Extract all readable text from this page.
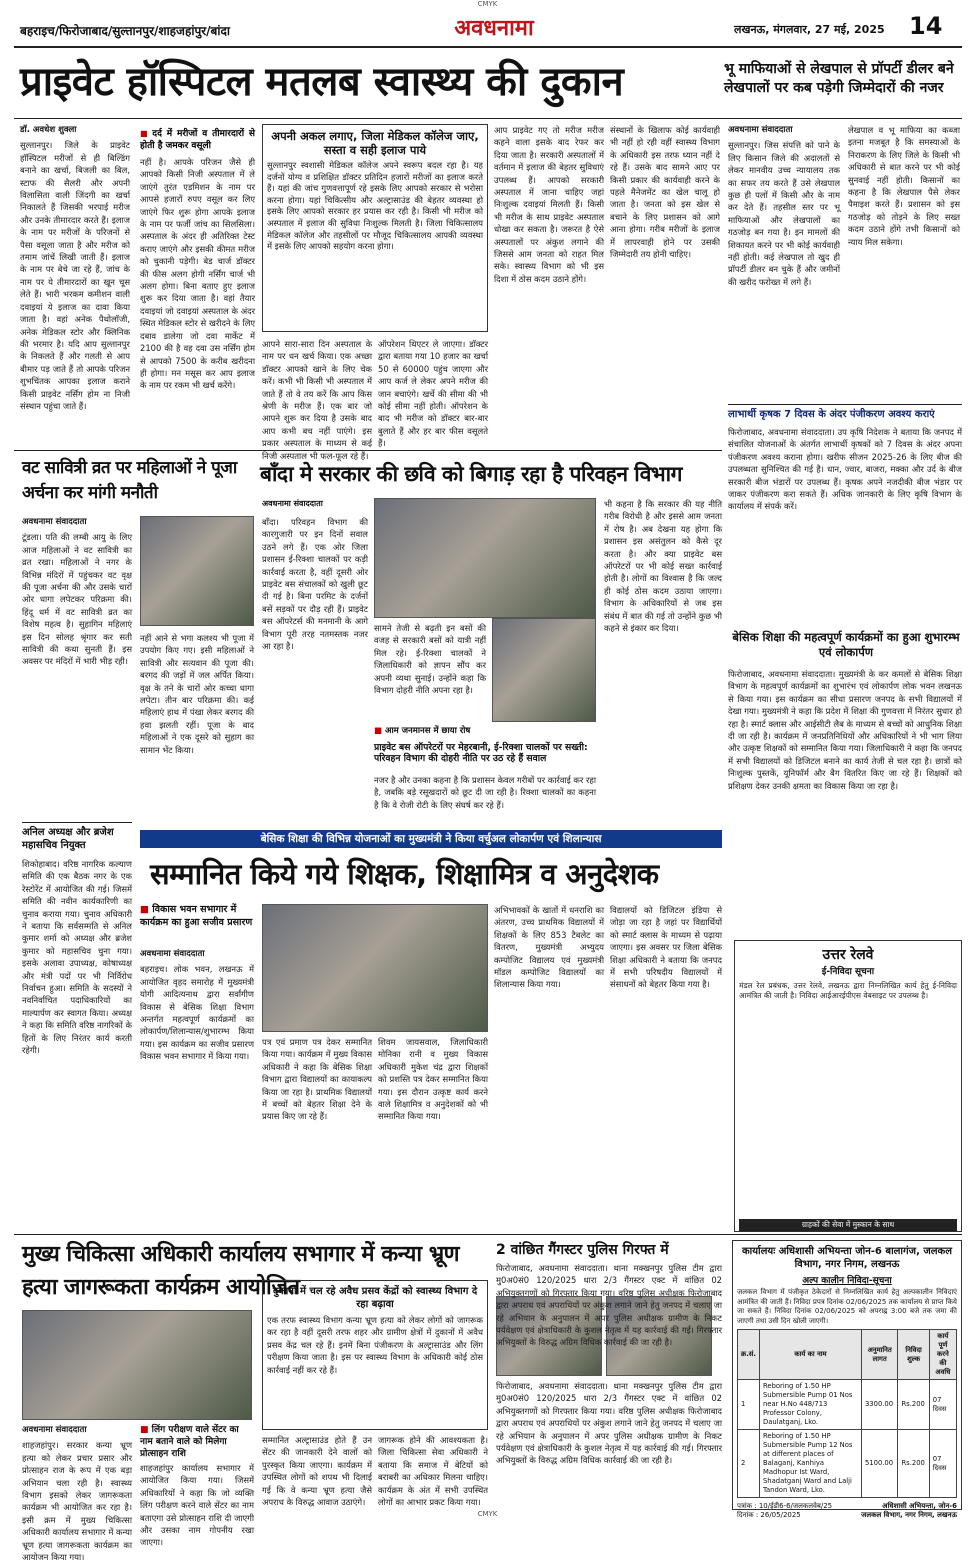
CMYK
बहराइच/फिरोजाबाद/सुल्तानपुर/शाहजहांपुर/बांदा	अवधनामा	लखनऊ, मंगलवार, 27 मई, 2025 14
प्राइवेट हॉस्पिटल मतलब स्वास्थ्य की दुकान	भू माफियाओं से लेखपाल से प्रॉपर्टी डीलर बने लेखपालों पर कब पड़ेगी जिम्मेदारों की नजर
डॉ. अवधेश शुक्ला
सुल्तानपुर। जिले के प्राइवेट हॉस्पिटल मरीजों से ही बिल्डिंग बनाने का खर्चा, बिजली का बिल, स्टाफ की सैलरी और अपनी विलासिता वाली जिंदगी का खर्चा निकालते हैं जिसकी भरपाई मरीज और उनके तीमारदार करते हैं। इलाज के नाम पर मरीजों के परिजनों से पैसा वसूला जाता है और मरीज को तमाम जांचें लिखी जाती हैं। इलाज के नाम पर बेचे जा रहे हैं, जांच के नाम पर ये तीमारदारों का खून चूस लेते हैं। भारी भरकम कमीशन वाली दवाइयां ये इलाज का दावा किया जाता है। वहां अनेक पैथोलॉजी, अनेक मेडिकल स्टोर और क्लिनिक की भरमार है। यदि आप सुल्तानपुर के निकलते हैं और गलती से आप बीमार पड़ जाते हैं तो आपके परिजन शुभचिंतक आपका इलाज कराने किसी प्राइवेट नर्सिंग होम ना निजी संस्थान पहुंचा जाते हैं।
■ दर्द में मरीजों व तीमारदारों से होती है जमकर वसूली
नहीं है। आपके परिजन जैसे ही आपको किसी निजी अस्पताल में ले जाएंगे तुरंत एडमिशन के नाम पर आपसे हजारों रुपए वसूल कर लिए जाएंगे फिर शुरू होगा आपके इलाज के नाम पर फर्जी जांच का सिलसिला। अस्पताल के अंदर ही अतिरिक्त टेस्ट कराए जाएंगे और इसकी कीमत मरीज को चुकानी पड़ेगी। बेड चार्ज डॉक्टर की फीस अलग होगी नर्सिंग चार्ज भी अलग होगा। बिना बताए हुए इलाज शुरू कर दिया जाता है। वहां तैयार दवाइयां जो दवाइयां अस्पताल के अंदर स्थित मेडिकल स्टोर से खरीदने के लिए दबाव डालेगा जो दवा मार्केट में 2100 की है वह दवा उस नर्सिंग होम से आपको 7500 के करीब खरीदना ही होगा। मन मसूस कर आप इलाज के नाम पर रकम भी खर्च करेंगे।
अपनी अकल लगाए, जिला मेडिकल कॉलेज जाए, सस्ता व सही इलाज पाये
सुल्तानपुर स्वशासी मेडिकल कॉलेज अपने स्वरूप बदल रहा है। यह दर्जनों योग्य व प्रशिक्षित डॉक्टर प्रतिदिन हजारों मरीजों का इलाज करते हैं। यहां की जांच गुणवत्तापूर्ण रहे इसके लिए आपको सरकार से भरोसा करना होगा। यहां चिकित्सीय और अल्ट्रासाउंड की बेहतर व्यवस्था हो इसके लिए आपको सरकार हर प्रयास कर रही है। किसी भी मरीज को अस्पताल में इलाज की सुविधा निःशुल्क मिलती है। जिला चिकित्सालय मेडिकल कॉलेज और तहसीलों पर मौजूद चिकित्सालय आपकी व्यवस्था में इसके लिए आपको सहयोग करना होगा।
आपने सारा-सारा दिन अस्पताल के नाम पर धन खर्च किया। एक अच्छा डॉक्टर आपको खाने के लिए चेक करें। कभी भी किसी भी अस्पताल में जाते हैं तो वे तय करें कि आप किस श्रेणी के मरीज हैं। एक बार जो आपने शुरू कर दिया है उसके बाद आप कभी बच नहीं पाएंगे। इस प्रकार अस्पताल के माध्यम से कई निजी अस्पताल भी फल-फूल रहे हैं।
ऑपरेशन थिएटर ले जाएगा। डॉक्टर द्वारा बताया गया 10 हजार का खर्चा 50 से 60000 पहुंच जाएगा और आप कर्ज ले लेकर अपने मरीज की जान बचाएंगे। खर्चे की सीमा की भी कोई सीमा नहीं होती। ऑपरेशन के बाद भी मरीज को डॉक्टर बार-बार बुलाते हैं और हर बार फीस वसूलते हैं।
आप प्राइवेट गए तो मरीज मरीज कहने वाला इसके बाद रेफर कर दिया जाता है। सरकारी अस्पतालों में वर्तमान में इलाज की बेहतर सुविधाएं उपलब्ध हैं। आपको सरकारी अस्पताल में जाना चाहिए जहां निःशुल्क दवाइयां मिलती हैं। किसी भी मरीज के साथ प्राइवेट अस्पताल धोखा कर सकता है। जरूरत है ऐसे अस्पतालों पर अंकुश लगाने की जिससे आम जनता को राहत मिल सके। स्वास्थ्य विभाग को भी इस दिशा में ठोस कदम उठाने होंगे।
संस्थानों के खिलाफ कोई कार्यवाही भी नहीं हो रही वहीं स्वास्थ्य विभाग के अधिकारी इस तरफ ध्यान नहीं दे रहे हैं। उसके बाद सामने आए पर किसी प्रकार की कार्यवाही करने के पहले मैनेजमेंट का खेल चालू हो जाता है। जनता को इस खेल से बचाने के लिए प्रशासन को आगे आना होगा। गरीब मरीजों के इलाज में लापरवाही होने पर उसकी जिम्मेदारी तय होनी चाहिए।
अवधनामा संवाददाता
सुल्तानपुर। जिस संपत्ति को पाने के लिए किसान जिले की अदालतों से लेकर मानवीय उच्च न्यायालय तक का सफर तय करते हैं उसे लेखपाल कुछ ही पलों में किसी और के नाम कर देते हैं। तहसील स्तर पर भू माफियाओं और लेखपालों का गठजोड़ बन गया है। इन मामलों की शिकायत करने पर भी कोई कार्यवाही नहीं होती। कई लेखपाल तो खुद ही प्रॉपर्टी डीलर बन चुके हैं और जमीनों की खरीद फरोख्त में लगे हैं।
लेखपाल व भू माफिया का कब्जा इतना मजबूत है कि समस्याओं के निराकरण के लिए जिले के किसी भी अधिकारी से बात करने पर भी कोई सुनवाई नहीं होती। किसानों का कहना है कि लेखपाल पैसे लेकर पैमाइश करते हैं। प्रशासन को इस गठजोड़ को तोड़ने के लिए सख्त कदम उठाने होंगे तभी किसानों को न्याय मिल सकेगा।
लाभार्थी कृषक 7 दिवस के अंदर पंजीकरण अवश्य कराएं
फिरोजाबाद, अवधनामा संवाददाता। उप कृषि निदेशक ने बताया कि जनपद में संचालित योजनाओं के अंतर्गत लाभार्थी कृषकों को 7 दिवस के अंदर अपना पंजीकरण अवश्य कराना होगा। खरीफ सीजन 2025-26 के लिए बीज की उपलब्धता सुनिश्चित की गई है। धान, ज्वार, बाजरा, मक्का और उर्द के बीज सरकारी बीज भंडारों पर उपलब्ध हैं। कृषक अपने नजदीकी बीज भंडार पर जाकर पंजीकरण करा सकते हैं। अधिक जानकारी के लिए कृषि विभाग के कार्यालय में संपर्क करें।
बेसिक शिक्षा की महत्वपूर्ण कार्यक्रमों का हुआ शुभारम्भ एवं लोकार्पण
फिरोजाबाद, अवधनामा संवाददाता। मुख्यमंत्री के कर कमलों से बेसिक शिक्षा विभाग के महत्वपूर्ण कार्यक्रमों का शुभारंभ एवं लोकार्पण लोक भवन लखनऊ से किया गया। इस कार्यक्रम का सीधा प्रसारण जनपद के सभी विद्यालयों में देखा गया। मुख्यमंत्री ने कहा कि प्रदेश में शिक्षा की गुणवत्ता में निरंतर सुधार हो रहा है। स्मार्ट क्लास और आईसीटी लैब के माध्यम से बच्चों को आधुनिक शिक्षा दी जा रही है। कार्यक्रम में जनप्रतिनिधियों और अधिकारियों ने भी भाग लिया और उत्कृष्ट शिक्षकों को सम्मानित किया गया। जिलाधिकारी ने कहा कि जनपद में सभी विद्यालयों को डिजिटल बनाने का कार्य तेजी से चल रहा है। छात्रों को निःशुल्क पुस्तकें, यूनिफॉर्म और बैग वितरित किए जा रहे हैं। शिक्षकों को प्रशिक्षण देकर उनकी क्षमता का विकास किया जा रहा है।
वट सावित्री व्रत पर महिलाओं ने पूजा अर्चना कर मांगी मनौती
अवधनामा संवाददाता
टूंडला। पति की लम्बी आयु के लिए आज महिलाओं ने वट सावित्री का व्रत रखा। महिलाओं ने नगर के विभिन्न मंदिरों में पहुंचकर वट वृक्ष की पूजा अर्चना की और उसके चारों ओर धागा लपेटकर परिक्रमा की। हिंदू धर्म में वट सावित्री व्रत का विशेष महत्व है। सुहागिन महिलाएं इस दिन सोलह श्रृंगार कर सती सावित्री की कथा सुनती हैं। इस अवसर पर मंदिरों में भारी भीड़ रही।
नहीं आने से भगा कलश्य भी पूजा में उपयोग किए गए। इसी महिलाओं ने सावित्री और सत्यवान की पूजा की। बरगद की जड़ों में जल अर्पित किया। वृक्ष के तने के चारों ओर कच्चा धागा लपेटा। तीन बार परिक्रमा की। कई महिलाएं हाथ में पंखा लेकर बरगद की हवा झलती रहीं। पूजा के बाद महिलाओं ने एक दूसरे को सुहाग का सामान भेंट किया।
अनिल अध्यक्ष और ब्रजेश महासचिव नियुक्त
शिकोहाबाद। वरिष्ठ नागरिक कल्याण समिति की एक बैठक नगर के एक रेस्टोरेंट में आयोजित की गई। जिसमें समिति की नवीन कार्यकारिणी का चुनाव कराया गया। चुनाव अधिकारी ने बताया कि सर्वसम्मति से अनिल कुमार शर्मा को अध्यक्ष और ब्रजेश कुमार को महासचिव चुना गया। इसके अलावा उपाध्यक्ष, कोषाध्यक्ष और मंत्री पदों पर भी निर्विरोध निर्वाचन हुआ। समिति के सदस्यों ने नवनिर्वाचित पदाधिकारियों का माल्यार्पण कर स्वागत किया। अध्यक्ष ने कहा कि समिति वरिष्ठ नागरिकों के हितों के लिए निरंतर कार्य करती रहेगी।
बाँदा मे सरकार की छवि को बिगाड़ रहा है परिवहन विभाग
अवधनामा संवाददाता
बाँदा। परिवहन विभाग की कारगुजारी पर इन दिनों सवाल उठने लगे हैं। एक ओर जिला प्रशासन ई-रिक्शा चालकों पर कड़ी कार्रवाई करता है, वहीं दूसरी ओर प्राइवेट बस संचालकों को खुली छूट दी गई है। बिना परमिट के दर्जनों बसें सड़कों पर दौड़ रही हैं। प्राइवेट बस ऑपरेटर्स की मनमानी के आगे विभाग पूरी तरह नतमस्तक नजर आ रहा है।
सामने तेजी से बढ़ती इन बसों की वजह से सरकारी बसों को यात्री नहीं मिल रहे। ई-रिक्शा चालकों ने जिलाधिकारी को ज्ञापन सौंप कर अपनी व्यथा सुनाई। उन्होंने कहा कि विभाग दोहरी नीति अपना रहा है।
■ आम जनमानस में छाया रोष
प्राइवेट बस ऑपरेटरों पर मेहरबानी, ई-रिक्शा चालकों पर सख्ती: परिवहन विभाग की दोहरी नीति पर उठ रहे हैं सवाल
नजर है और उनका कहना है कि प्रशासन केवल गरीबों पर कार्रवाई कर रहा है, जबकि बड़े रसूखदारों को छूट दी जा रही है। रिक्शा चालकों का कहना है कि वे रोजी रोटी के लिए संघर्ष कर रहे हैं।
भी कहना है कि सरकार की यह नीति गरीब विरोधी है और इससे आम जनता में रोष है। अब देखना यह होगा कि प्रशासन इस असंतुलन को कैसे दूर करता है। और क्या प्राइवेट बस ऑपरेटरों पर भी कोई सख्त कार्रवाई होती है। लोगों का विश्वास है कि जल्द ही कोई ठोस कदम उठाया जाएगा। विभाग के अधिकारियों से जब इस संबंध में बात की गई तो उन्होंने कुछ भी कहने से इंकार कर दिया।
बेसिक शिक्षा की विभिन्न योजनाओं का मुख्यमंत्री ने किया वर्चुअल लोकार्पण एवं शिलान्यास
सम्मानित किये गये शिक्षक, शिक्षामित्र व अनुदेशक
■ विकास भवन सभागार में कार्यक्रम का हुआ सजीव प्रसारण
अवधनामा संवाददाता
बहराइच। लोक भवन, लखनऊ में आयोजित वृहद समारोह में मुख्यमंत्री योगी आदित्यनाथ द्वारा सर्वांगीण विकास से बेसिक शिक्षा विभाग अन्तर्गत महत्वपूर्ण कार्यक्रमों का लोकार्पण/शिलान्यास/शुभारम्भ किया गया। इस कार्यक्रम का सजीव प्रसारण विकास भवन सभागार में किया गया।
पत्र एवं प्रमाण पत्र देकर सम्मानित किया गया। कार्यक्रम में मुख्य विकास अधिकारी ने कहा कि बेसिक शिक्षा विभाग द्वारा विद्यालयों का कायाकल्प किया जा रहा है। प्राथमिक विद्यालयों में बच्चों को बेहतर शिक्षा देने के प्रयास किए जा रहे हैं।
शिवम जायसवाल, जिलाधिकारी मोनिका रानी व मुख्य विकास अधिकारी मुकेश चंद्र द्वारा शिक्षकों को प्रशस्ति पत्र देकर सम्मानित किया गया। इस दौरान उत्कृष्ट कार्य करने वाले शिक्षामित्र व अनुदेशकों को भी सम्मानित किया गया।
अभिभावकों के खातों में धनराशि का अंतरण, उच्च प्राथमिक विद्यालयों में शिक्षकों के लिए 853 टैबलेट का वितरण, मुख्यमंत्री अभ्युदय कम्पोजिट विद्यालय एवं मुख्यमंत्री मॉडल कम्पोजिट विद्यालयों का शिलान्यास किया गया।
विद्यालयों को डिजिटल इंडिया से जोड़ा जा रहा है जहां पर विद्यार्थियों को स्मार्ट क्लास के माध्यम से पढ़ाया जाएगा। इस अवसर पर जिला बेसिक शिक्षा अधिकारी ने बताया कि जनपद में सभी परिषदीय विद्यालयों में संसाधनों को बेहतर किया गया है।
उत्तर रेलवे
ई-निविदा सूचना
मंडल रेल प्रबंधक, उत्तर रेलवे, लखनऊ द्वारा निम्नलिखित कार्य हेतु ई-निविदा आमंत्रित की जाती है। निविदा आईआरईपीएस वेबसाइट पर उपलब्ध है।
ग्राहकों की सेवा में मुस्कान के साथ
मुख्य चिकित्सा अधिकारी कार्यालय सभागार में कन्या भ्रूण हत्या जागरूकता कार्यक्रम आयोजित
अवधनामा संवाददाता
शाहजहांपुर। सरकार कन्या भ्रूण हत्या को लेकर प्रचार प्रसार और प्रोत्साहन राज के रूप में एक बड़ा अभियान चला रही है। स्वास्थ्य विभाग इसको लेकर जागरूकता कार्यक्रम भी आयोजित कर रहा है। इसी क्रम में मुख्य चिकित्सा अधिकारी कार्यालय सभागार में कन्या भ्रूण हत्या जागरूकता कार्यक्रम का आयोजन किया गया।
दुकानों में चल रहे अवैध प्रसव केंद्रों को स्वास्थ्य विभाग दे रहा बढ़ावा
एक तरफ स्वास्थ्य विभाग कन्या भ्रूण हत्या को लेकर लोगों को जागरूक कर रहा है वहीं दूसरी तरफ शहर और ग्रामीण क्षेत्रों में दुकानों में अवैध प्रसव केंद्र चल रहे हैं। इनमें बिना पंजीकरण के अल्ट्रासाउंड और लिंग परीक्षण किया जाता है। इस पर स्वास्थ्य विभाग के अधिकारी कोई ठोस कार्रवाई नहीं कर रहे हैं।
■ लिंग परीक्षण वाले सेंटर का नाम बताने वाले को मिलेगा प्रोत्साहन राशि
शाहजहांपुर कार्यालय सभागार में आयोजित किया गया। जिसमें अधिकारियों ने कहा कि जो व्यक्ति लिंग परीक्षण करने वाले सेंटर का नाम बताएगा उसे प्रोत्साहन राशि दी जाएगी और उसका नाम गोपनीय रखा जाएगा।
सम्मानित अल्ट्रासाउंड होते हैं उन सेंटर की जानकारी देने वालों को पुरस्कृत किया जाएगा। कार्यक्रम में उपस्थित लोगों को शपथ भी दिलाई गई कि वे कन्या भ्रूण हत्या जैसे अपराध के विरुद्ध आवाज उठाएंगे।
जागरूक होने की आवश्यकता है। जिला चिकित्सा सेवा अधिकारी ने बताया कि समाज में बेटियों को बराबरी का अधिकार मिलना चाहिए। कार्यक्रम के अंत में सभी उपस्थित लोगों का आभार प्रकट किया गया।
2 वांछित गैंगस्टर पुलिस गिरफ्त में
फिरोजाबाद, अवधनामा संवाददाता। थाना मक्खनपुर पुलिस टीम द्वारा मु0अ0सं0 120/2025 धारा 2/3 गैंगस्टर एक्ट में वांछित 02 अभियुक्तगणों को गिरफ्तार किया गया। वरिष्ठ पुलिस अधीक्षक फिरोजाबाद द्वारा अपराध एवं अपराधियों पर अंकुश लगाने जाने हेतु जनपद में चलाए जा रहे अभियान के अनुपालन में अपर पुलिस अधीक्षक ग्रामीण के निकट पर्यवेक्षण एवं क्षेत्राधिकारी के कुशल नेतृत्व में यह कार्रवाई की गई। गिरफ्तार अभियुक्तों के विरुद्ध अग्रिम विधिक कार्रवाई की जा रही है।
फिरोजाबाद, अवधनामा संवाददाता। थाना मक्खनपुर पुलिस टीम द्वारा मु0अ0सं0 120/2025 धारा 2/3 गैंगस्टर एक्ट में वांछित 02 अभियुक्तगणों को गिरफ्तार किया गया। वरिष्ठ पुलिस अधीक्षक फिरोजाबाद द्वारा अपराध एवं अपराधियों पर अंकुश लगाने जाने हेतु जनपद में चलाए जा रहे अभियान के अनुपालन में अपर पुलिस अधीक्षक ग्रामीण के निकट पर्यवेक्षण एवं क्षेत्राधिकारी के कुशल नेतृत्व में यह कार्रवाई की गई। गिरफ्तार अभियुक्तों के विरुद्ध अग्रिम विधिक कार्रवाई की जा रही है।
कार्यालयः अधिशासी अभियन्ता जोन-6 बालागंज, जलकल विभाग, नगर निगम, लखनऊ
अल्प कालीन निविदा-सूचना
जलकल विभाग में पंजीकृत ठेकेदारों से निम्नलिखित कार्य हेतु अल्पकालीन निविदाएं आमंत्रित की जाती हैं। निविदा प्रपत्र दिनांक 02/06/2025 तक कार्यालय से प्राप्त किये जा सकते हैं। निविदा दिनांक 02/06/2025 को अपराह्न 3:00 बजे तक जमा की जाएगी तथा उसी दिन खोली जाएगी।
क्र.सं.	कार्य का नाम	अनुमानित लागत	निविदा शुल्क	कार्य पूर्ण करने की अवधि
1	Reboring of 1.50 HP Submersible Pump 01 Nos near H.No 448/713 Professor Colony, Daulatganj, Lko.	3300.00	Rs.200	07 दिवस
2	Reboring of 1.50 HP Submersible Pump 12 Nos at different places of Balaganj, Kanhiya Madhopur Ist Ward, Shadatganj Ward and Lalji Tandon Ward, Lko.	5100.00	Rs.200	07 दिवस
पत्रांक : 10/ईडी6-6/जलकलवेब/25 दिनांक : 26/05/2025
अधिशासी अभियन्ता, जोन-6
जलकल विभाग, नगर निगम, लखनऊ
CMYK
